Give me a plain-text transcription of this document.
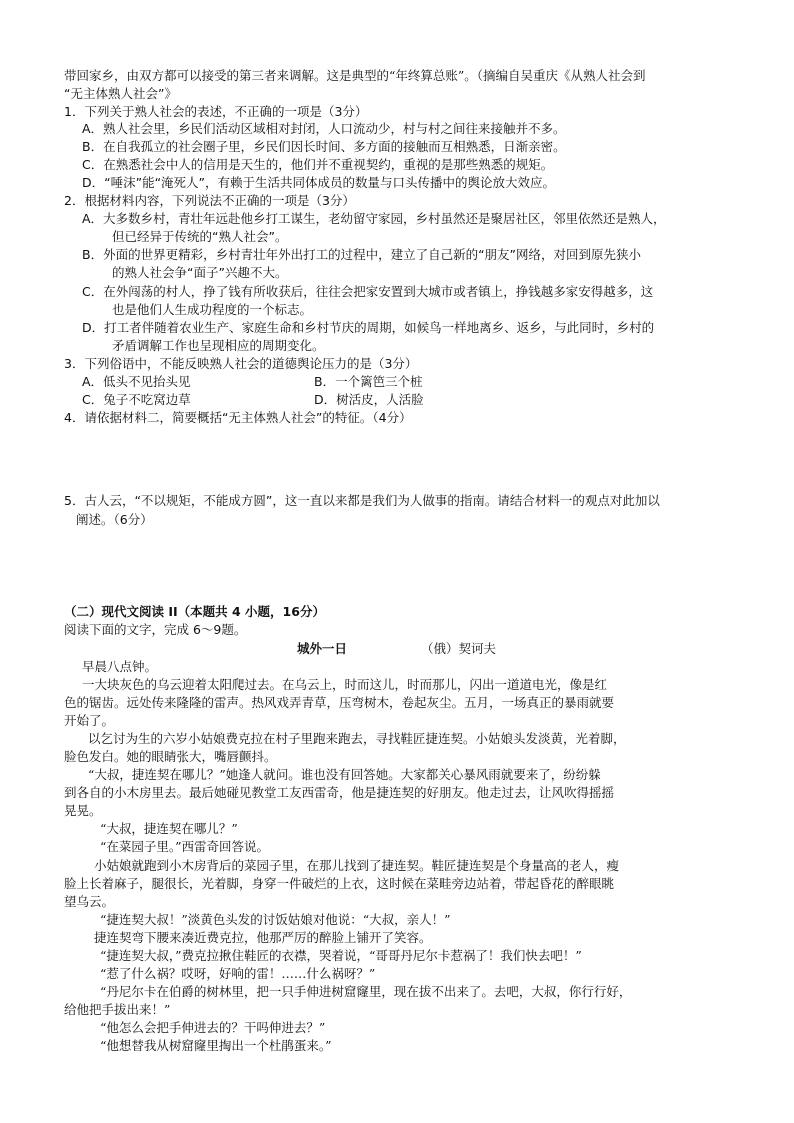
带回家乡，由双方都可以接受的第三者来调解。这是典型的“年终算总账”。（摘编自吴重庆《从熟人社会到
“无主体熟人社会”》
1．下列关于熟人社会的表述，不正确的一项是（3分）
A．熟人社会里，乡民们活动区域相对封闭，人口流动少，村与村之间往来接触并不多。
B．在自我孤立的社会圈子里，乡民们因长时间、多方面的接触而互相熟悉，日渐亲密。
C．在熟悉社会中人的信用是天生的，他们并不重视契约，重视的是那些熟悉的规矩。
D．“唾沫”能“淹死人”，有赖于生活共同体成员的数量与口头传播中的舆论放大效应。
2．根据材料内容，下列说法不正确的一项是（3分）
A．大多数乡村，青壮年远赴他乡打工谋生，老幼留守家园，乡村虽然还是聚居社区，邻里依然还是熟人，
但已经异于传统的“熟人社会”。
B．外面的世界更精彩，乡村青壮年外出打工的过程中，建立了自己新的“朋友”网络，对回到原先狭小
的熟人社会争“面子”兴趣不大。
C．在外闯荡的村人，挣了钱有所收获后，往往会把家安置到大城市或者镇上，挣钱越多家安得越多，这
也是他们人生成功程度的一个标志。
D．打工者伴随着农业生产、家庭生命和乡村节庆的周期，如候鸟一样地离乡、返乡，与此同时，乡村的
矛盾调解工作也呈现相应的周期变化。
3．下列俗语中，不能反映熟人社会的道德舆论压力的是（3分）
A．低头不见抬头见	B．一个篱笆三个桩
C．兔子不吃窝边草	D．树活皮，人活脸
4．请依据材料二，简要概括“无主体熟人社会”的特征。（4分）
5．古人云，“不以规矩，不能成方圆”，这一直以来都是我们为人做事的指南。请结合材料一的观点对此加以
阐述。（6分）
（二）现代文阅读 II（本题共 4 小题，16分）
阅读下面的文字，完成 6～9题。
城外一日	（俄）契诃夫
早晨八点钟。
一大块灰色的乌云迎着太阳爬过去。在乌云上，时而这儿，时而那儿，闪出一道道电光，像是红
色的锯齿。远处传来隆隆的雷声。热风戏弄青草，压弯树木，卷起灰尘。五月，一场真正的暴雨就要
开始了。
以乞讨为生的六岁小姑娘费克拉在村子里跑来跑去，寻找鞋匠捷连契。小姑娘头发淡黄，光着脚，
脸色发白。她的眼睛张大，嘴唇颤抖。
“大叔，捷连契在哪儿？”她逢人就问。谁也没有回答她。大家都关心暴风雨就要来了，纷纷躲
到各自的小木房里去。最后她碰见教堂工友西雷奇，他是捷连契的好朋友。他走过去，让风吹得摇摇
晃晃。
“大叔，捷连契在哪儿？”
“在菜园子里。”西雷奇回答说。
小姑娘就跑到小木房背后的菜园子里，在那儿找到了捷连契。鞋匠捷连契是个身量高的老人，瘦
脸上长着麻子，腿很长，光着脚，身穿一件破烂的上衣，这时候在菜畦旁边站着，带起昏花的醉眼眺
望乌云。
“捷连契大叔！”淡黄色头发的讨饭姑娘对他说：“大叔，亲人！”
捷连契弯下腰来凑近费克拉，他那严厉的醉脸上铺开了笑容。
“捷连契大叔，”费克拉揪住鞋匠的衣襟，哭着说，“哥哥丹尼尔卡惹祸了！我们快去吧！”
“惹了什么祸？哎呀，好响的雷！……什么祸呀？”
“丹尼尔卡在伯爵的树林里，把一只手伸进树窟窿里，现在拔不出来了。去吧，大叔，你行行好，
给他把手拔出来！”
“他怎么会把手伸进去的？干吗伸进去？”
“他想替我从树窟窿里掏出一个杜鹃蛋来。”
